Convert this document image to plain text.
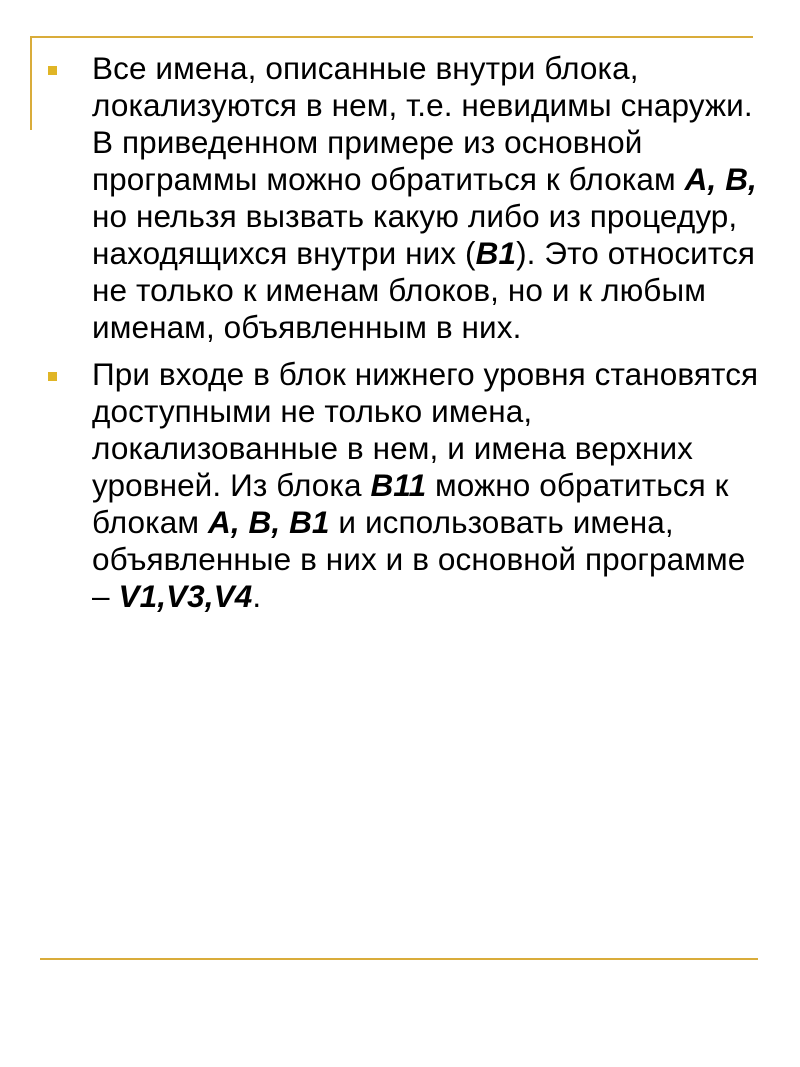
Все имена, описанные внутри блока, локализуются в нем, т.е. невидимы снаружи. В приведенном примере из основной программы можно обратиться к блокам A, B, но нельзя вызвать какую либо из процедур, находящихся внутри них (B1). Это относится не только к именам блоков, но и к любым именам, объявленным в них.
При входе в блок нижнего уровня становятся доступными не только имена, локализованные в нем, и имена верхних уровней. Из блока B11 можно обратиться к блокам A, B, B1 и использовать имена, объявленные в них и в основной программе – V1,V3,V4.
